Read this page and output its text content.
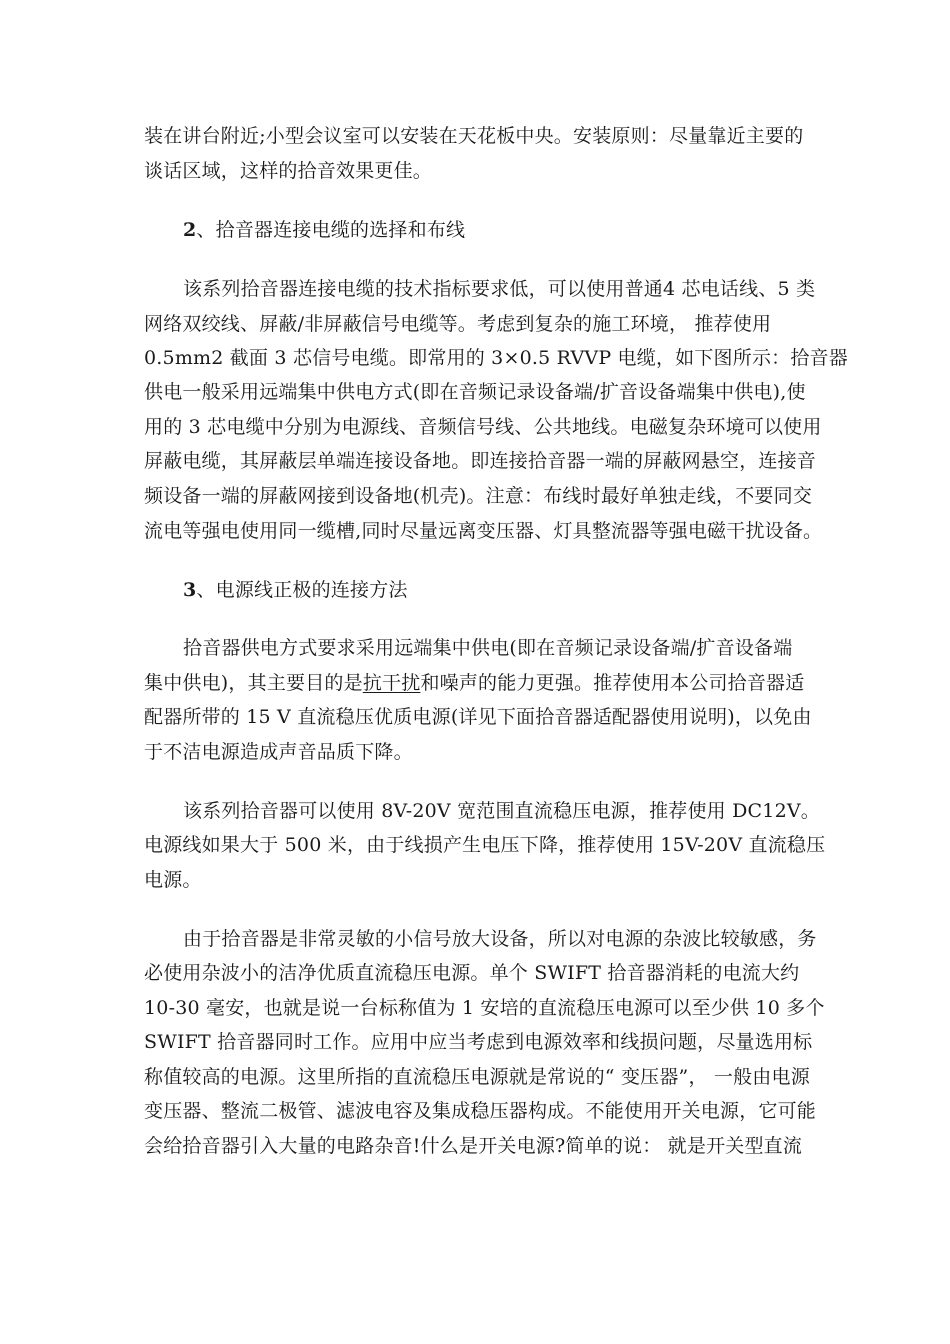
装在讲台附近;小型会议室可以安装在天花板中央。安装原则：尽量靠近主要的
谈话区域，这样的拾音效果更佳。
2、拾音器连接电缆的选择和布线
该系列拾音器连接电缆的技术指标要求低，可以使用普通4 芯电话线、5 类
网络双绞线、屏蔽/非屏蔽信号电缆等。考虑到复杂的施工环境， 推荐使用
0.5mm2 截面 3 芯信号电缆。即常用的 3×0.5 RVVP 电缆，如下图所示：拾音器
供电一般采用远端集中供电方式(即在音频记录设备端/扩音设备端集中供电),使
用的 3 芯电缆中分别为电源线、音频信号线、公共地线。电磁复杂环境可以使用
屏蔽电缆，其屏蔽层单端连接设备地。即连接拾音器一端的屏蔽网悬空，连接音
频设备一端的屏蔽网接到设备地(机壳)。注意：布线时最好单独走线，不要同交
流电等强电使用同一缆槽,同时尽量远离变压器、灯具整流器等强电磁干扰设备。
3、电源线正极的连接方法
拾音器供电方式要求采用远端集中供电(即在音频记录设备端/扩音设备端
集中供电)，其主要目的是抗干扰和噪声的能力更强。推荐使用本公司拾音器适
配器所带的 15 V 直流稳压优质电源(详见下面拾音器适配器使用说明)，以免由
于不洁电源造成声音品质下降。
该系列拾音器可以使用 8V-20V 宽范围直流稳压电源，推荐使用 DC12V。
电源线如果大于 500 米，由于线损产生电压下降，推荐使用 15V-20V 直流稳压
电源。
由于拾音器是非常灵敏的小信号放大设备，所以对电源的杂波比较敏感，务
必使用杂波小的洁净优质直流稳压电源。单个 SWIFT 拾音器消耗的电流大约
10-30 毫安，也就是说一台标称值为 1 安培的直流稳压电源可以至少供 10 多个
SWIFT 拾音器同时工作。应用中应当考虑到电源效率和线损问题，尽量选用标
称值较高的电源。这里所指的直流稳压电源就是常说的“ 变压器”， 一般由电源
变压器、整流二极管、滤波电容及集成稳压器构成。不能使用开关电源，它可能
会给拾音器引入大量的电路杂音!什么是开关电源?简单的说： 就是开关型直流
